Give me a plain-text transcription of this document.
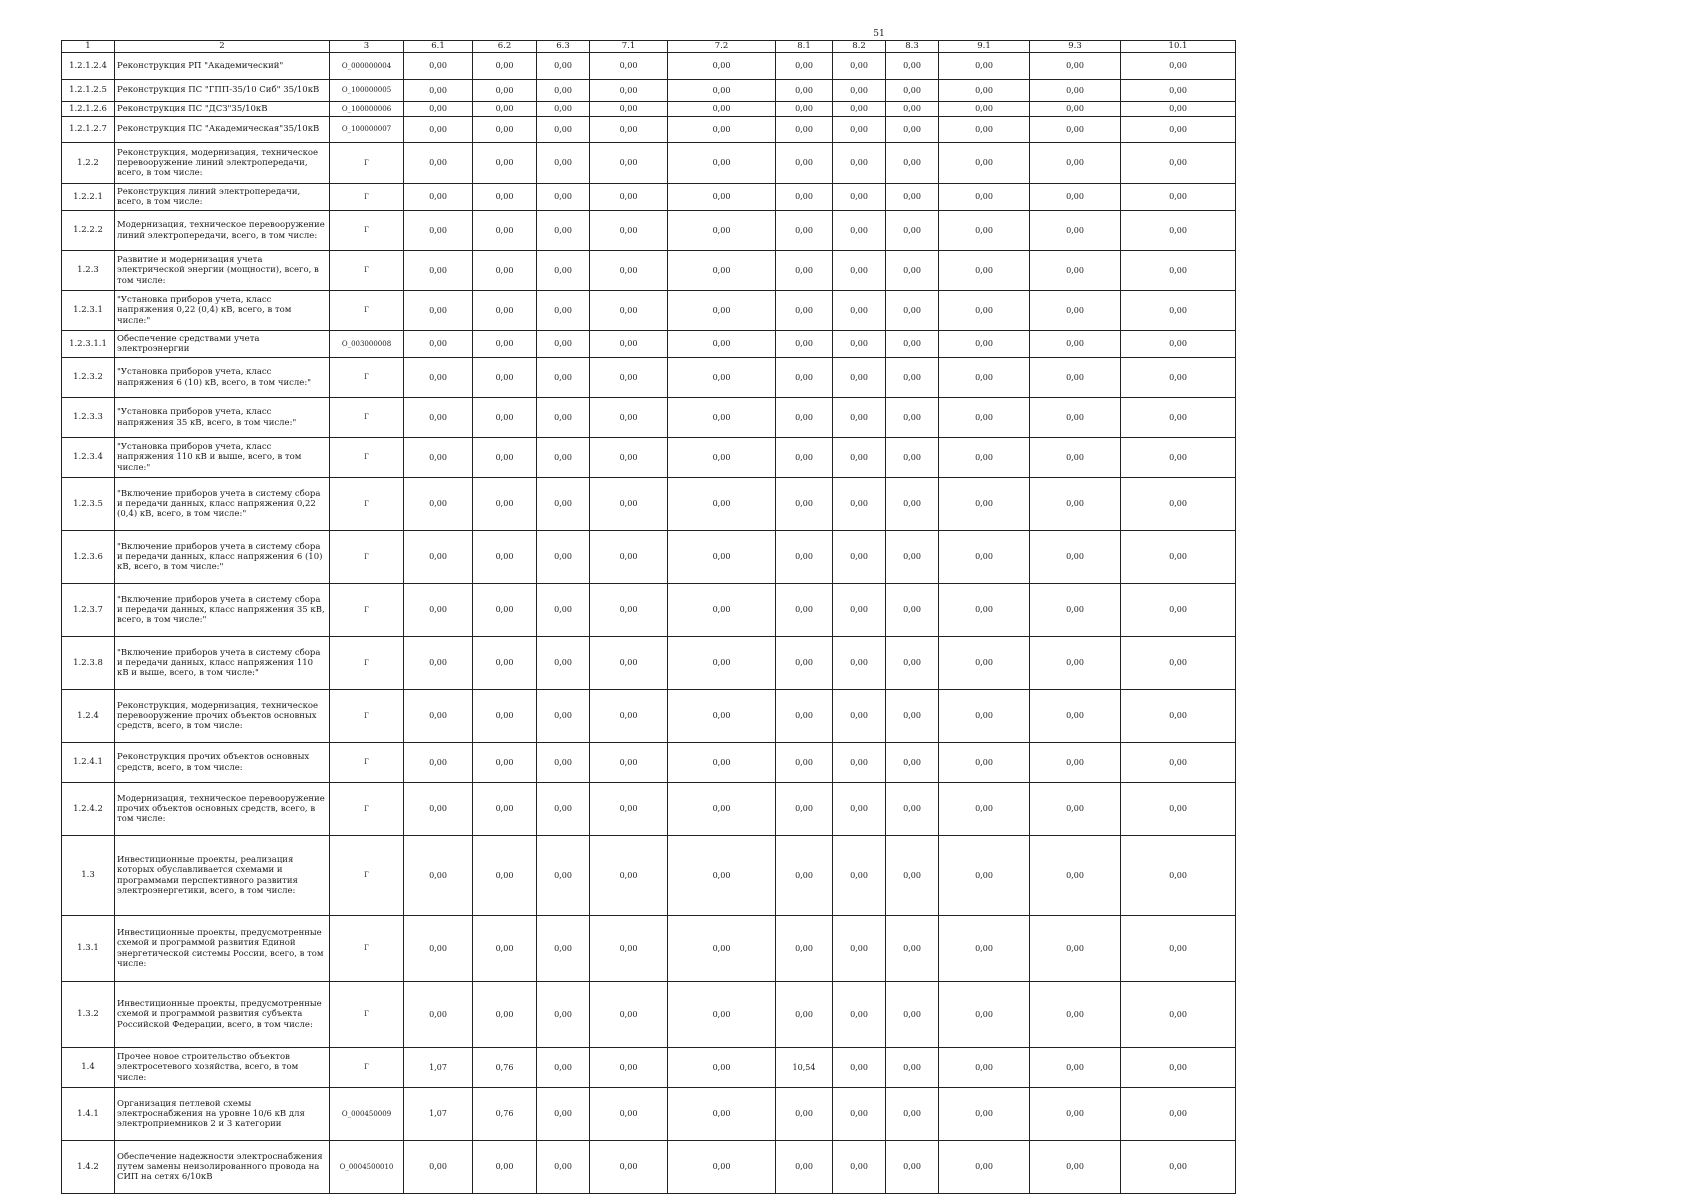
51
1	2	3	6.1	6.2	6.3	7.1	7.2	8.1	8.2	8.3	9.1	9.3	10.1
1.2.1.2.4	Реконструкция РП "Академический"	О_000000004	0,00	0,00	0,00	0,00	0,00	0,00	0,00	0,00	0,00	0,00	0,00
1.2.1.2.5	Реконструкция ПС "ГПП-35/10 Сиб" 35/10кВ	О_100000005	0,00	0,00	0,00	0,00	0,00	0,00	0,00	0,00	0,00	0,00	0,00
1.2.1.2.6	Реконструкция ПС "ДСЗ"35/10кВ	О_100000006	0,00	0,00	0,00	0,00	0,00	0,00	0,00	0,00	0,00	0,00	0,00
1.2.1.2.7	Реконструкция ПС "Академическая"35/10кВ	О_100000007	0,00	0,00	0,00	0,00	0,00	0,00	0,00	0,00	0,00	0,00	0,00
1.2.2	Реконструкция, модернизация, техническое перевооружение линий электропередачи, всего, в том числе:	Г	0,00	0,00	0,00	0,00	0,00	0,00	0,00	0,00	0,00	0,00	0,00
1.2.2.1	Реконструкция линий электропередачи, всего, в том числе:	Г	0,00	0,00	0,00	0,00	0,00	0,00	0,00	0,00	0,00	0,00	0,00
1.2.2.2	Модернизация, техническое перевооружение линий электропередачи, всего, в том числе:	Г	0,00	0,00	0,00	0,00	0,00	0,00	0,00	0,00	0,00	0,00	0,00
1.2.3	Развитие и модернизация учета электрической энергии (мощности), всего, в том числе:	Г	0,00	0,00	0,00	0,00	0,00	0,00	0,00	0,00	0,00	0,00	0,00
1.2.3.1	"Установка приборов учета, класс напряжения 0,22 (0,4) кВ, всего, в том числе:"	Г	0,00	0,00	0,00	0,00	0,00	0,00	0,00	0,00	0,00	0,00	0,00
1.2.3.1.1	Обеспечение средствами учета электроэнергии	О_003000008	0,00	0,00	0,00	0,00	0,00	0,00	0,00	0,00	0,00	0,00	0,00
1.2.3.2	"Установка приборов учета, класс напряжения 6 (10) кВ, всего, в том числе:"	Г	0,00	0,00	0,00	0,00	0,00	0,00	0,00	0,00	0,00	0,00	0,00
1.2.3.3	"Установка приборов учета, класс напряжения 35 кВ, всего, в том числе:"	Г	0,00	0,00	0,00	0,00	0,00	0,00	0,00	0,00	0,00	0,00	0,00
1.2.3.4	"Установка приборов учета, класс напряжения 110 кВ и выше, всего, в том числе:"	Г	0,00	0,00	0,00	0,00	0,00	0,00	0,00	0,00	0,00	0,00	0,00
1.2.3.5	"Включение приборов учета в систему сбора и передачи данных, класс напряжения 0,22 (0,4) кВ, всего, в том числе:"	Г	0,00	0,00	0,00	0,00	0,00	0,00	0,00	0,00	0,00	0,00	0,00
1.2.3.6	"Включение приборов учета в систему сбора и передачи данных, класс напряжения 6 (10) кВ, всего, в том числе:"	Г	0,00	0,00	0,00	0,00	0,00	0,00	0,00	0,00	0,00	0,00	0,00
1.2.3.7	"Включение приборов учета в систему сбора и передачи данных, класс напряжения 35 кВ, всего, в том числе:"	Г	0,00	0,00	0,00	0,00	0,00	0,00	0,00	0,00	0,00	0,00	0,00
1.2.3.8	"Включение приборов учета в систему сбора и передачи данных, класс напряжения 110 кВ и выше, всего, в том числе:"	Г	0,00	0,00	0,00	0,00	0,00	0,00	0,00	0,00	0,00	0,00	0,00
1.2.4	Реконструкция, модернизация, техническое перевооружение прочих объектов основных средств, всего, в том числе:	Г	0,00	0,00	0,00	0,00	0,00	0,00	0,00	0,00	0,00	0,00	0,00
1.2.4.1	Реконструкция прочих объектов основных средств, всего, в том числе:	Г	0,00	0,00	0,00	0,00	0,00	0,00	0,00	0,00	0,00	0,00	0,00
1.2.4.2	Модернизация, техническое перевооружение прочих объектов основных средств, всего, в том числе:	Г	0,00	0,00	0,00	0,00	0,00	0,00	0,00	0,00	0,00	0,00	0,00
1.3	Инвестиционные проекты, реализация которых обуславливается схемами и программами перспективного развития электроэнергетики, всего, в том числе:	Г	0,00	0,00	0,00	0,00	0,00	0,00	0,00	0,00	0,00	0,00	0,00
1.3.1	Инвестиционные проекты, предусмотренные схемой и программой развития Единой энергетической системы России, всего, в том числе:	Г	0,00	0,00	0,00	0,00	0,00	0,00	0,00	0,00	0,00	0,00	0,00
1.3.2	Инвестиционные проекты, предусмотренные схемой и программой развития субъекта Российской Федерации, всего, в том числе:	Г	0,00	0,00	0,00	0,00	0,00	0,00	0,00	0,00	0,00	0,00	0,00
1.4	Прочее новое строительство объектов электросетевого хозяйства, всего, в том числе:	Г	1,07	0,76	0,00	0,00	0,00	10,54	0,00	0,00	0,00	0,00	0,00
1.4.1	Организация петлевой схемы электроснабжения на уровне 10/6 кВ для электроприемников 2 и 3 категории	О_000450009	1,07	0,76	0,00	0,00	0,00	0,00	0,00	0,00	0,00	0,00	0,00
1.4.2	Обеспечение надежности электроснабжения путем замены неизолированного провода на СИП на сетях 6/10кВ	О_0004500010	0,00	0,00	0,00	0,00	0,00	0,00	0,00	0,00	0,00	0,00	0,00
